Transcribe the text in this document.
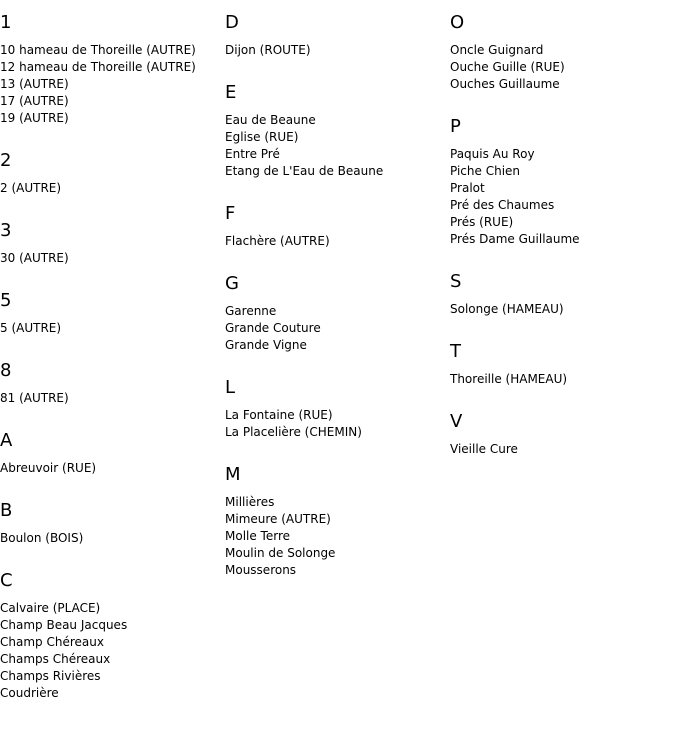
1
10 hameau de Thoreille (AUTRE)
12 hameau de Thoreille (AUTRE)
13 (AUTRE)
17 (AUTRE)
19 (AUTRE)
2
2 (AUTRE)
3
30 (AUTRE)
5
5 (AUTRE)
8
81 (AUTRE)
A
Abreuvoir (RUE)
B
Boulon (BOIS)
C
Calvaire (PLACE)
Champ Beau Jacques
Champ Chéreaux
Champs Chéreaux
Champs Rivières
Coudrière
D
Dijon (ROUTE)
E
Eau de Beaune
Eglise (RUE)
Entre Pré
Etang de L'Eau de Beaune
F
Flachère (AUTRE)
G
Garenne
Grande Couture
Grande Vigne
L
La Fontaine (RUE)
La Placelière (CHEMIN)
M
Millières
Mimeure (AUTRE)
Molle Terre
Moulin de Solonge
Mousserons
O
Oncle Guignard
Ouche Guille (RUE)
Ouches Guillaume
P
Paquis Au Roy
Piche Chien
Pralot
Pré des Chaumes
Prés (RUE)
Prés Dame Guillaume
S
Solonge (HAMEAU)
T
Thoreille (HAMEAU)
V
Vieille Cure
